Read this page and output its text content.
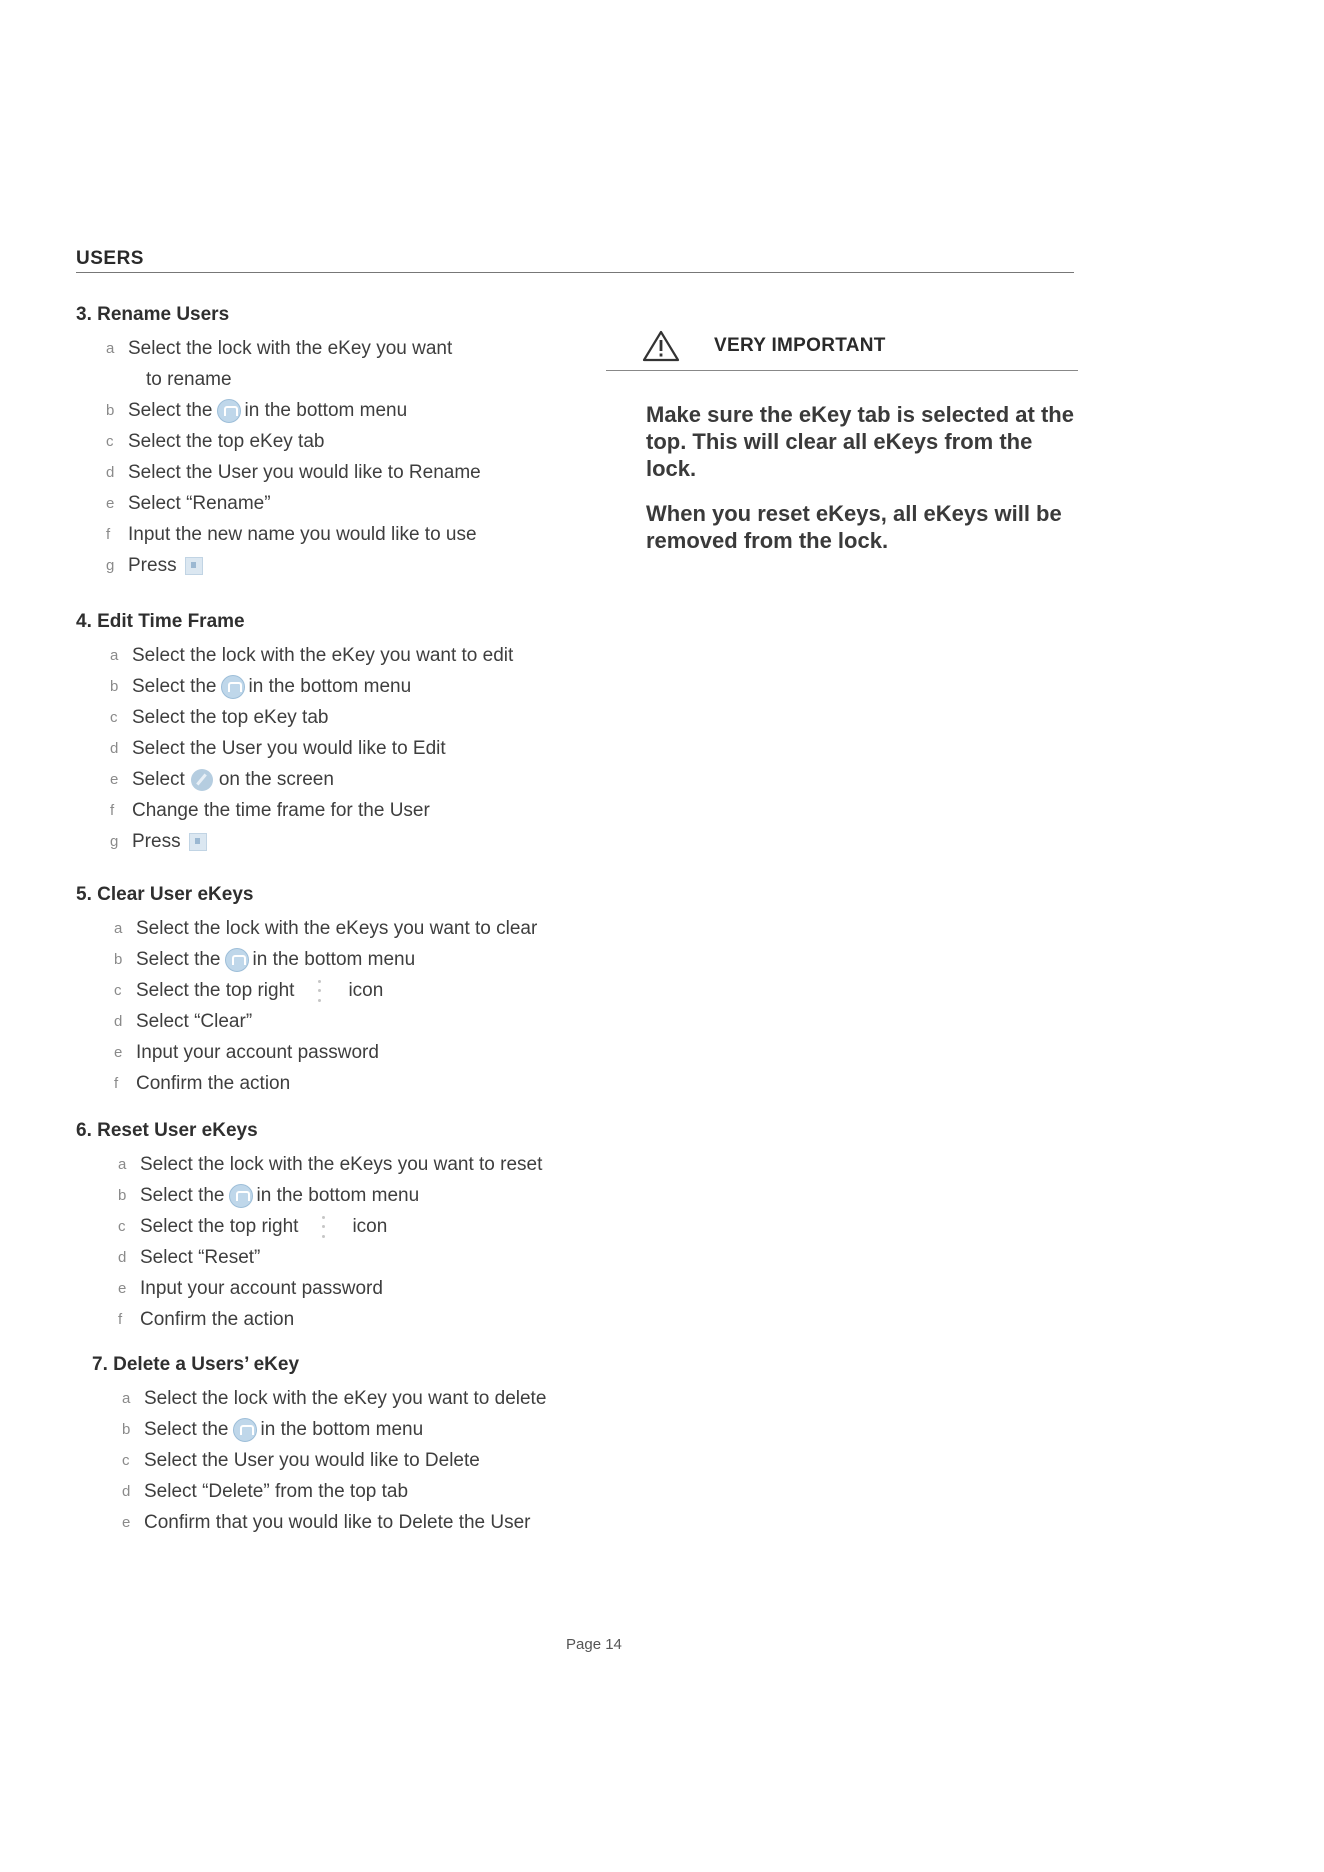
USERS
3. Rename Users
a Select the lock with the eKey you want
to rename
b Select the in the bottom menu
c Select the top eKey tab
d Select the User you would like to Rename
e Select “Rename”
f Input the new name you would like to use
g Press
4. Edit Time Frame
a Select the lock with the eKey you want to edit
b Select the in the bottom menu
c Select the top eKey tab
d Select the User you would like to Edit
e Select on the screen
f Change the time frame for the User
g Press
5. Clear User eKeys
a Select the lock with the eKeys you want to clear
b Select the in the bottom menu
c Select the top right	icon
d Select “Clear”
e Input your account password
f Confirm the action
6. Reset User eKeys
a Select the lock with the eKeys you want to reset
b Select the in the bottom menu
c Select the top right	icon
d Select “Reset”
e Input your account password
f Confirm the action
7. Delete a Users’ eKey
a Select the lock with the eKey you want to delete
b Select the in the bottom menu
c Select the User you would like to Delete
d Select “Delete” from the top tab
e Confirm that you would like to Delete the User
VERY IMPORTANT

Make sure the eKey tab is selected at the top. This will clear all eKeys from the lock.

When you reset eKeys, all eKeys will be removed from the lock.

Page 14
